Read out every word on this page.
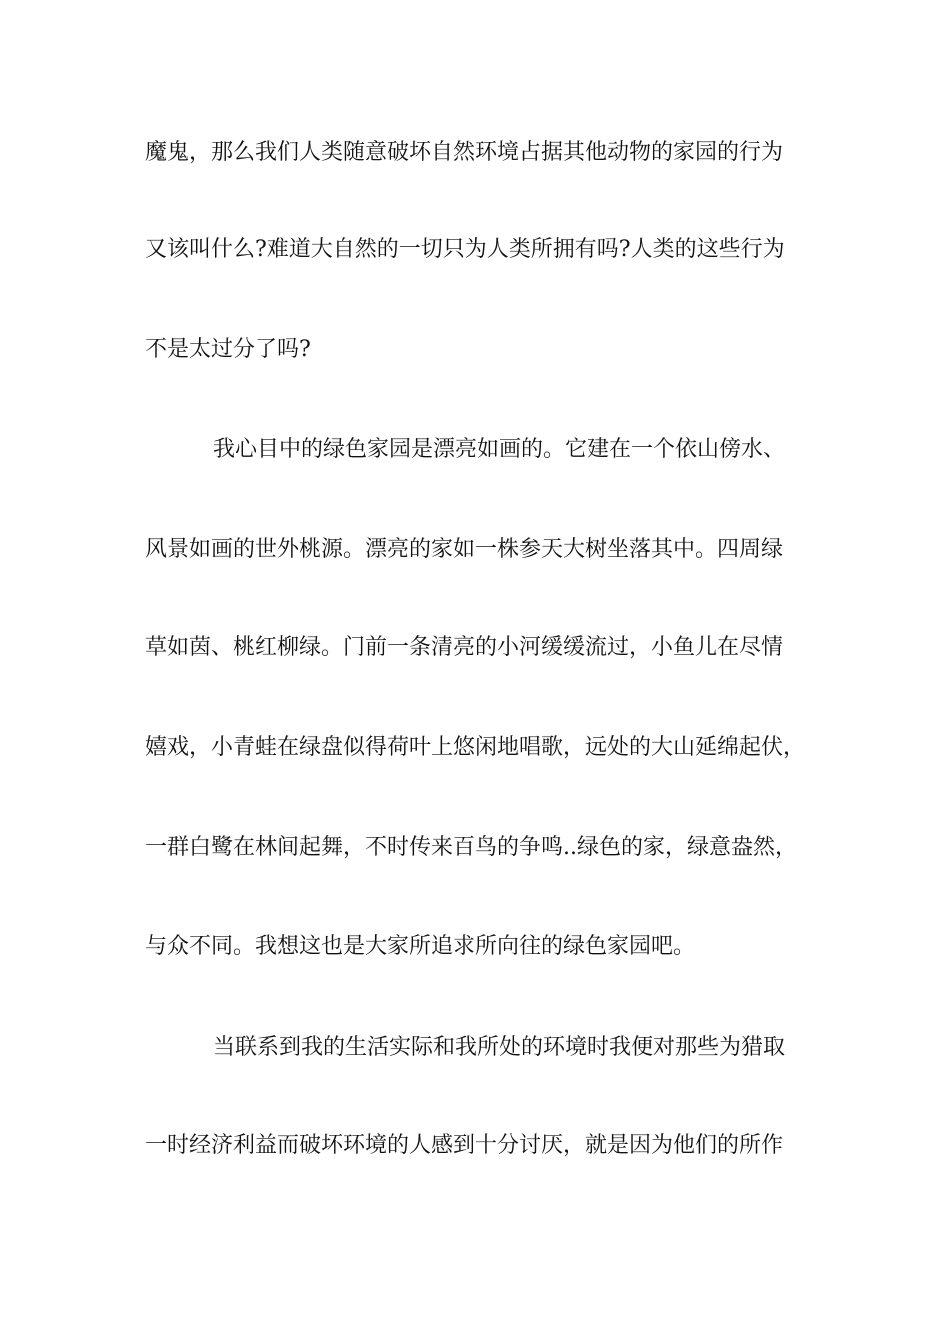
魔鬼，那么我们人类随意破坏自然环境占据其他动物的家园的行为
又该叫什么?难道大自然的一切只为人类所拥有吗?人类的这些行为
不是太过分了吗?
我心目中的绿色家园是漂亮如画的。它建在一个依山傍水、
风景如画的世外桃源。漂亮的家如一株参天大树坐落其中。四周绿
草如茵、桃红柳绿。门前一条清亮的小河缓缓流过，小鱼儿在尽情
嬉戏，小青蛙在绿盘似得荷叶上悠闲地唱歌，远处的大山延绵起伏，
一群白鹭在林间起舞，不时传来百鸟的争鸣..绿色的家，绿意盎然，
与众不同。我想这也是大家所追求所向往的绿色家园吧。
当联系到我的生活实际和我所处的环境时我便对那些为猎取
一时经济利益而破坏环境的人感到十分讨厌，就是因为他们的所作
